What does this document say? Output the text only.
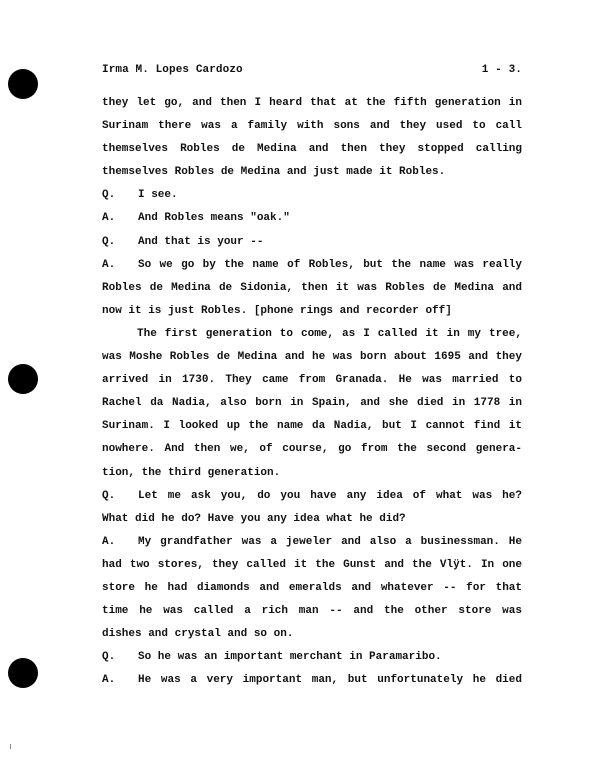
Irma M. Lopes Cardozo	1 - 3.
they let go, and then I heard that at the fifth generation in
Surinam there was a family with sons and they used to call
themselves Robles de Medina and then they stopped calling
themselves Robles de Medina and just made it Robles.
Q. I see.
A. And Robles means "oak."
Q. And that is your --
A. So we go by the name of Robles, but the name was really
Robles de Medina de Sidonia, then it was Robles de Medina and
now it is just Robles. [phone rings and recorder off]
The first generation to come, as I called it in my tree,
was Moshe Robles de Medina and he was born about 1695 and they
arrived in 1730. They came from Granada. He was married to
Rachel da Nadia, also born in Spain, and she died in 1778 in
Surinam. I looked up the name da Nadia, but I cannot find it
nowhere. And then we, of course, go from the second genera-
tion, the third generation.
Q. Let me ask you, do you have any idea of what was he?
What did he do? Have you any idea what he did?
A. My grandfather was a jeweler and also a businessman. He
had two stores, they called it the Gunst and the Vlÿt. In one
store he had diamonds and emeralds and whatever -- for that
time he was called a rich man -- and the other store was
dishes and crystal and so on.
Q. So he was an important merchant in Paramaribo.
A. He was a very important man, but unfortunately he died
